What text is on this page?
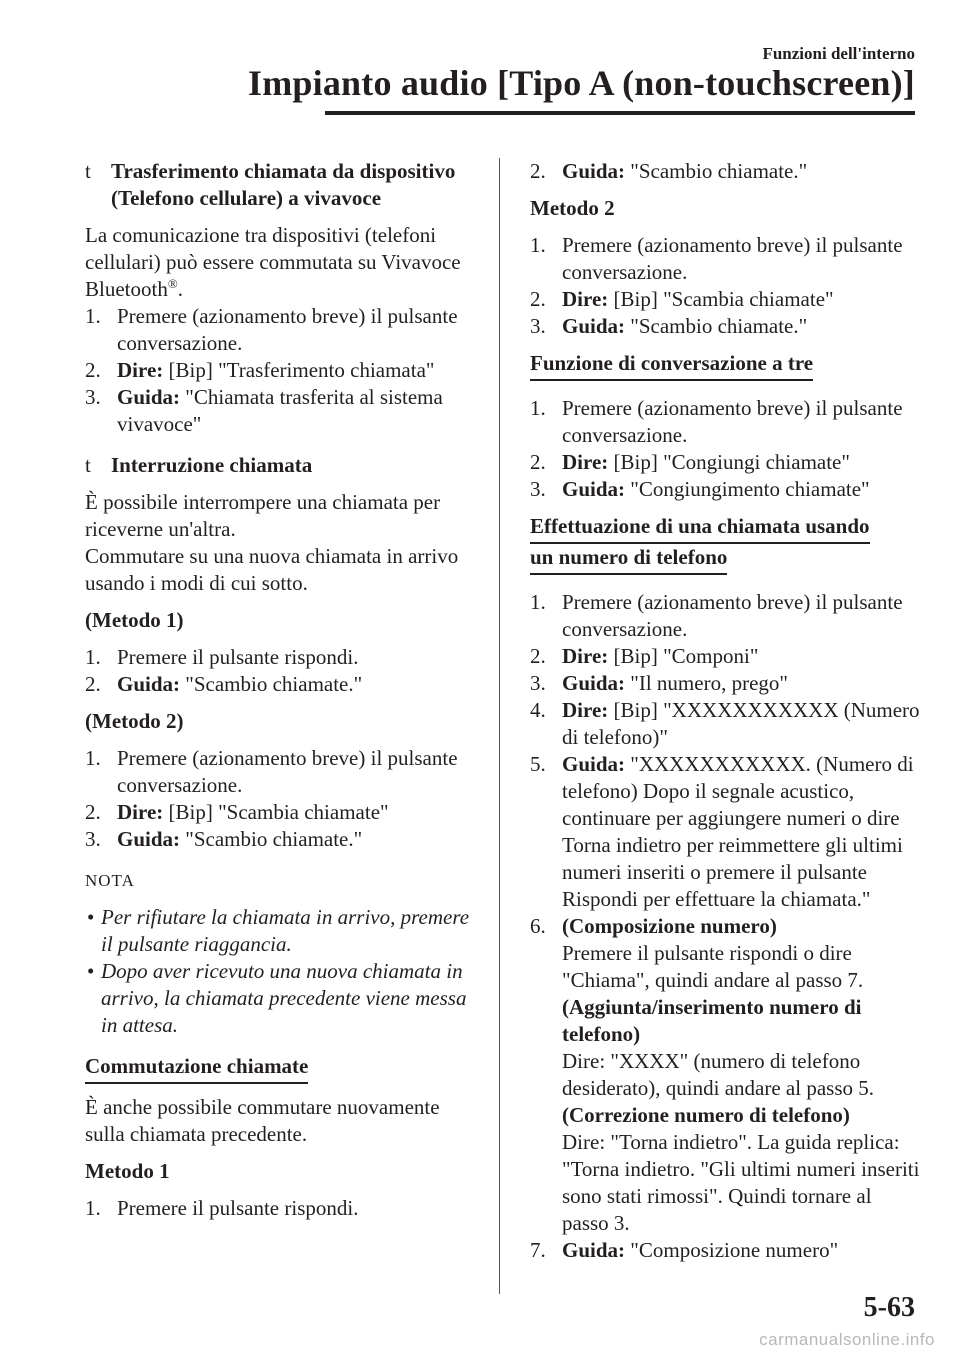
Funzioni dell'interno
Impianto audio [Tipo A (non-touchscreen)]
t Trasferimento chiamata da dispositivo (Telefono cellulare) a vivavoce

La comunicazione tra dispositivi (telefoni cellulari) può essere commutata su Vivavoce Bluetooth®.

1. Premere (azionamento breve) il pulsante conversazione.
2. Dire: [Bip] "Trasferimento chiamata"
3. Guida: "Chiamata trasferita al sistema vivavoce"
t Interruzione chiamata

È possibile interrompere una chiamata per riceverne un'altra.

Commutare su una nuova chiamata in arrivo usando i modi di cui sotto.

(Metodo 1)

1. Premere il pulsante rispondi.
2. Guida: "Scambio chiamate."

(Metodo 2)

1. Premere (azionamento breve) il pulsante conversazione.
2. Dire: [Bip] "Scambia chiamate"
3. Guida: "Scambio chiamate."

NOTA

• Per rifiutare la chiamata in arrivo, premere il pulsante riaggancia.
• Dopo aver ricevuto una nuova chiamata in arrivo, la chiamata precedente viene messa in attesa.
Commutazione chiamate

È anche possibile commutare nuovamente sulla chiamata precedente.

Metodo 1

1. Premere il pulsante rispondi.
2. Guida: "Scambio chiamate."

Metodo 2

1. Premere (azionamento breve) il pulsante conversazione.
2. Dire: [Bip] "Scambia chiamate"
3. Guida: "Scambio chiamate."
Funzione di conversazione a tre
1. Premere (azionamento breve) il pulsante conversazione.
2. Dire: [Bip] "Congiungi chiamate"
3. Guida: "Congiungimento chiamate"
Effettuazione di una chiamata usando
un numero di telefono
1. Premere (azionamento breve) il pulsante conversazione.
2. Dire: [Bip] "Componi"
3. Guida: "Il numero, prego"
4. Dire: [Bip] "XXXXXXXXXXX (Numero di telefono)"
5. Guida: "XXXXXXXXXXX. (Numero di telefono) Dopo il segnale acustico, continuare per aggiungere numeri o dire Torna indietro per reimmettere gli ultimi numeri inseriti o premere il pulsante Rispondi per effettuare la chiamata."
6. (Composizione numero)
Premere il pulsante rispondi o dire "Chiama", quindi andare al passo 7.
(Aggiunta/inserimento numero di telefono)
Dire: "XXXX" (numero di telefono desiderato), quindi andare al passo 5.
(Correzione numero di telefono)
Dire: "Torna indietro". La guida replica: "Torna indietro. "Gli ultimi numeri inseriti sono stati rimossi". Quindi tornare al passo 3.
7. Guida: "Composizione numero"
5-63
carmanualsonline.info
